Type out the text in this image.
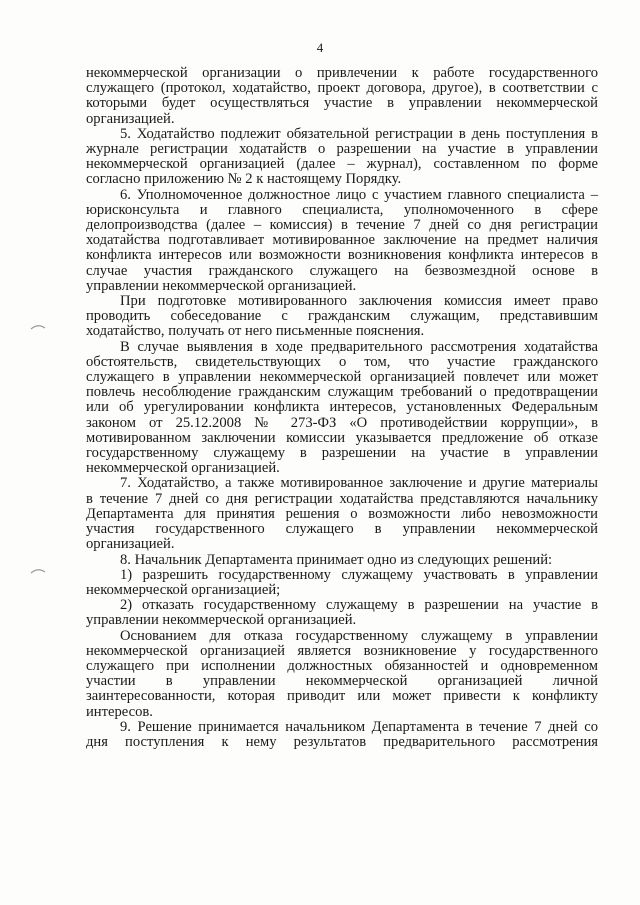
4
некоммерческой организации о привлечении к работе государственного
служащего (протокол, ходатайство, проект договора, другое), в соответствии с
которыми будет осуществляться участие в управлении некоммерческой
организацией.
5. Ходатайство подлежит обязательной регистрации в день поступления в
журнале регистрации ходатайств о разрешении на участие в управлении
некоммерческой организацией (далее – журнал), составленном по форме
согласно приложению № 2 к настоящему Порядку.
6. Уполномоченное должностное лицо с участием главного специалиста –
юрисконсульта и главного специалиста, уполномоченного в сфере
делопроизводства (далее – комиссия) в течение 7 дней со дня регистрации
ходатайства подготавливает мотивированное заключение на предмет наличия
конфликта интересов или возможности возникновения конфликта интересов в
случае участия гражданского служащего на безвозмездной основе в
управлении некоммерческой организацией.
При подготовке мотивированного заключения комиссия имеет право
проводить собеседование с гражданским служащим, представившим
ходатайство, получать от него письменные пояснения.
В случае выявления в ходе предварительного рассмотрения ходатайства
обстоятельств, свидетельствующих о том, что участие гражданского
служащего в управлении некоммерческой организацией повлечет или может
повлечь несоблюдение гражданским служащим требований о предотвращении
или об урегулировании конфликта интересов, установленных Федеральным
законом от 25.12.2008 № 273-ФЗ «О противодействии коррупции», в
мотивированном заключении комиссии указывается предложение об отказе
государственному служащему в разрешении на участие в управлении
некоммерческой организацией.
7. Ходатайство, а также мотивированное заключение и другие материалы
в течение 7 дней со дня регистрации ходатайства представляются начальнику
Департамента для принятия решения о возможности либо невозможности
участия государственного служащего в управлении некоммерческой
организацией.
8. Начальник Департамента принимает одно из следующих решений:
1) разрешить государственному служащему участвовать в управлении
некоммерческой организацией;
2) отказать государственному служащему в разрешении на участие в
управлении некоммерческой организацией.
Основанием для отказа государственному служащему в управлении
некоммерческой организацией является возникновение у государственного
служащего при исполнении должностных обязанностей и одновременном
участии в управлении некоммерческой организацией личной
заинтересованности, которая приводит или может привести к конфликту
интересов.
9. Решение принимается начальником Департамента в течение 7 дней со
дня поступления к нему результатов предварительного рассмотрения
